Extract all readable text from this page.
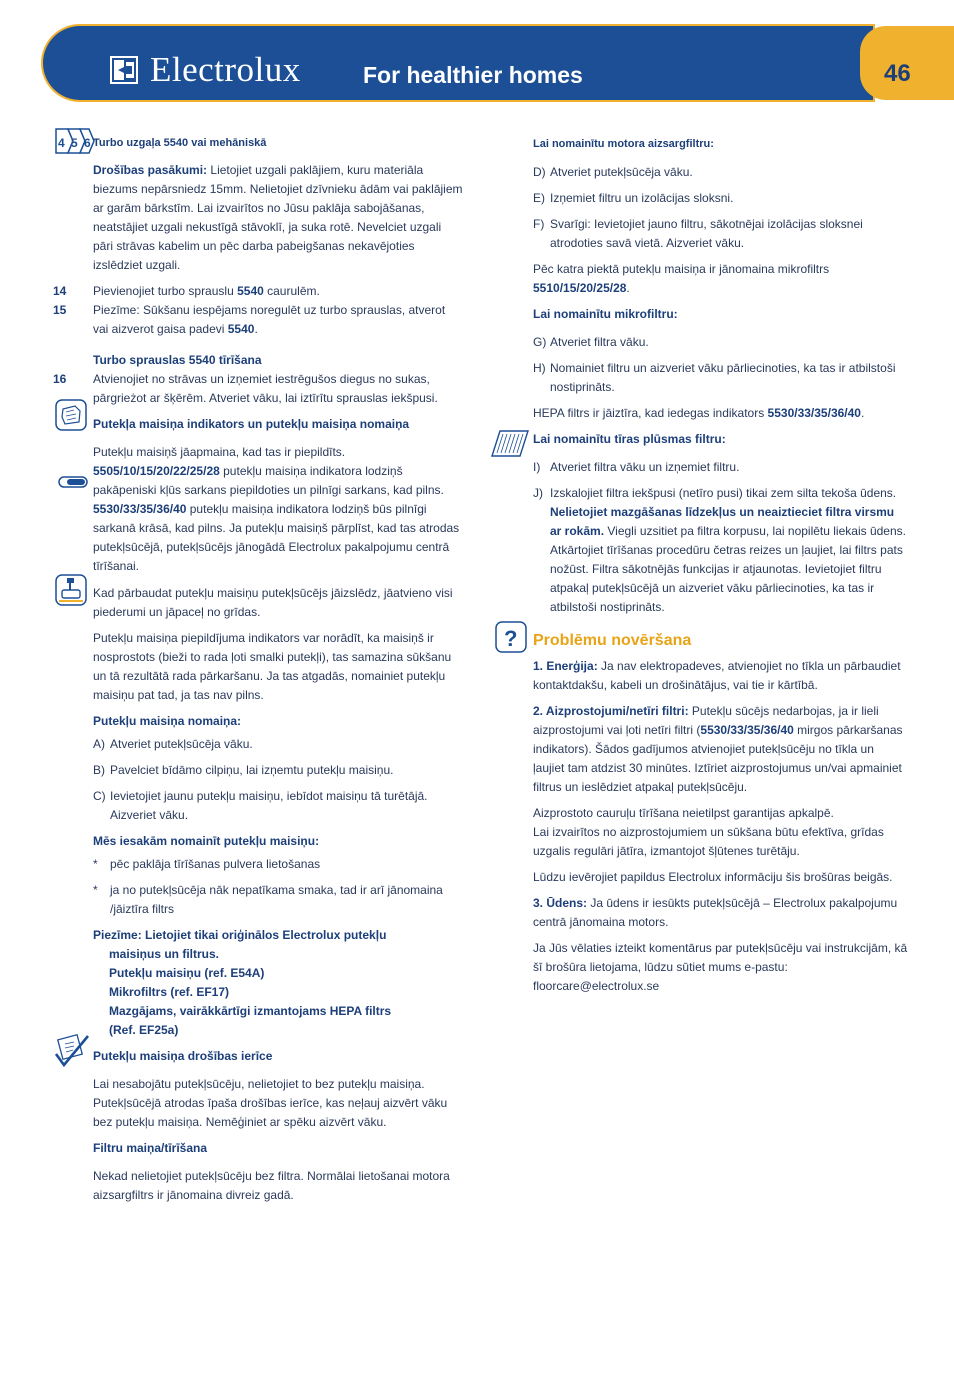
46
Electrolux	For healthier homes
4 5 6 Turbo uzgaļa 5540 vai mehāniskā

Drošības pasākumi: Lietojiet uzgali paklājiem, kuru materiāla biezums nepārsniedz 15mm. Nelietojiet dzīvnieku ādām vai paklājiem ar garām bārkstīm. Lai izvairītos no Jūsu paklāja sabojāšanas, neatstājiet uzgali nekustīgā stāvoklī, ja suka rotē. Nevelciet uzgali pāri strāvas kabelim un pēc darba pabeigšanas nekavējoties izslēdziet uzgali.

14 Pievienojiet turbo sprauslu 5540 caurulēm.
15 Piezīme: Sūkšanu iespējams noregulēt uz turbo sprauslas, atverot vai aizverot gaisa padevi 5540.

Turbo sprauslas 5540 tīrīšana

16 Atvienojiet no strāvas un izņemiet iestrēgušos diegus no sukas, pārgrieżot ar šķērēm. Atveriet vāku, lai iztīrītu sprauslas iekšpusi.

Putekļa maisiņa indikators un putekļu maisiņa nomaiņa

Putekļu maisiņš jāapmaina, kad tas ir piepildīts.

5505/10/15/20/22/25/28 putekļu maisiņa indikatora lodziņš pakāpeniski kļūs sarkans piepildoties un pilnīgi sarkans, kad pilns.

5530/33/35/36/40 putekļu maisiņa indikatora lodziņš būs pilnīgi sarkanā krāsā, kad pilns. Ja putekļu maisiņš pārplīst, kad tas atrodas putekļsūcējā, putekļsūcējs jānogādā Electrolux pakalpojumu centrā tīrīšanai.

Kad pārbaudat putekļu maisiņu putekļsūcējs jāizslēdz, jāatvieno visi piederumi un jāpaceļ no grīdas.

Putekļu maisiņa piepildījuma indikators var norādīt, ka maisiņš ir nosprostots (bieži to rada ļoti smalki putekļi), tas samazina sūkšanu un tā rezultātā rada pārkaršanu. Ja tas atgadās, nomainiet putekļu maisiņu pat tad, ja tas nav pilns.

Putekļu maisiņa nomaiņa:

A) Atveriet putekļsūcēja vāku.
B) Pavelciet bīdāmo cilpiņu, lai izņemtu putekļu maisiņu.
C) Ievietojiet jaunu putekļu maisiņu, iebīdot maisiņu tā turētājā. Aizveriet vāku.

Mēs iesakām nomainīt putekļu maisiņu:

*	pēc paklāja tīrīšanas pulvera lietošanas
*	ja no putekļsūcēja nāk nepatīkama smaka, tad ir arī jānomaina /jāiztīra filtrs
Piezīme: Lietojiet tikai oriģinālos Electrolux putekļu
maisiņus un filtrus.
Putekļu maisiņu (ref. E54A)
Mikrofiltrs (ref. EF17)
Mazgājams, vairākkārtīgi izmantojams HEPA filtrs
(Ref. EF25a)

Putekļu maisiņa drošības ierīce

Lai nesabojātu putekļsūcēju, nelietojiet to bez putekļu maisiņa. Putekļsūcējā atrodas īpaša drošības ierīce, kas neļauj aizvērt vāku bez putekļu maisiņa. Nemēģiniet ar spēku aizvērt vāku.

Filtru maiņa/tīrīšana

Nekad nelietojiet putekļsūcēju bez filtra. Normālai lietošanai motora aizsargfiltrs ir jānomaina divreiz gadā.

?

Lai nomainītu motora aizsargfiltru:

D) Atveriet putekļsūcēja vāku.
E) Izņemiet filtru un izolācijas sloksni.
F) Svarīgi: Ievietojiet jauno filtru, sākotnējai izolācijas sloksnei atrodoties savā vietā. Aizveriet vāku.

Pēc katra piektā putekļu maisiņa ir jānomaina mikrofiltrs 5510/15/20/25/28.

Lai nomainītu mikrofiltru:

G) Atveriet filtra vāku.
H) Nomainiet filtru un aizveriet vāku pārliecinoties, ka tas ir atbilstoši nostiprināts.

HEPA filtrs ir jāiztīra, kad iedegas indikators 5530/33/35/36/40.

Lai nomainītu tīras plūsmas filtru:

I) Atveriet filtra vāku un izņemiet filtru.
J) Izskalojiet filtra iekšpusi (netīro pusi) tikai zem silta tekoša ūdens. Nelietojiet mazgāšanas līdzekļus un neaiztieciet filtra virsmu ar rokām. Viegli uzsitiet pa filtra korpusu, lai nopilētu liekais ūdens. Atkārtojiet tīrīšanas procedūru četras reizes un ļaujiet, lai filtrs pats nožūst. Filtra sākotnējās funkcijas ir atjaunotas. Ievietojiet filtru atpakaļ putekļsūcējā un aizveriet vāku pārliecinoties, ka tas ir atbilstoši nostiprināts.

Problēmu novēršana

1. Enerģija: Ja nav elektropadeves, atvienojiet no tīkla un pārbaudiet kontaktdakšu, kabeli un drošinātājus, vai tie ir kārtībā.

2. Aizprostojumi/netīri filtri: Putekļu sūcējs nedarbojas, ja ir lieli aizprostojumi vai ļoti netīri filtri (5530/33/35/36/40 mirgos pārkaršanas indikators). Šādos gadījumos atvienojiet putekļsūcēju no tīkla un ļaujiet tam atdzist 30 minūtes. Iztīriet aizprostojumus un/vai apmainiet filtrus un ieslēdziet atpakaļ putekļsūcēju.

Aizprostoto cauruļu tīrīšana neietilpst garantijas apkalpē.
Lai izvairītos no aizprostojumiem un sūkšana būtu efektīva, grīdas uzgalis regulāri jātīra, izmantojot šļūtenes turētāju.

Lūdzu ievērojiet papildus Electrolux informāciju šis brošūras beigās.

3. Ūdens: Ja ūdens ir iesūkts putekļsūcējā – Electrolux pakalpojumu centrā jānomaina motors.

Ja Jūs vēlaties izteikt komentārus par putekļsūcēju vai instrukcijām, kā šī brošūra lietojama, lūdzu sūtiet mums e-pastu: floorcare@electrolux.se
